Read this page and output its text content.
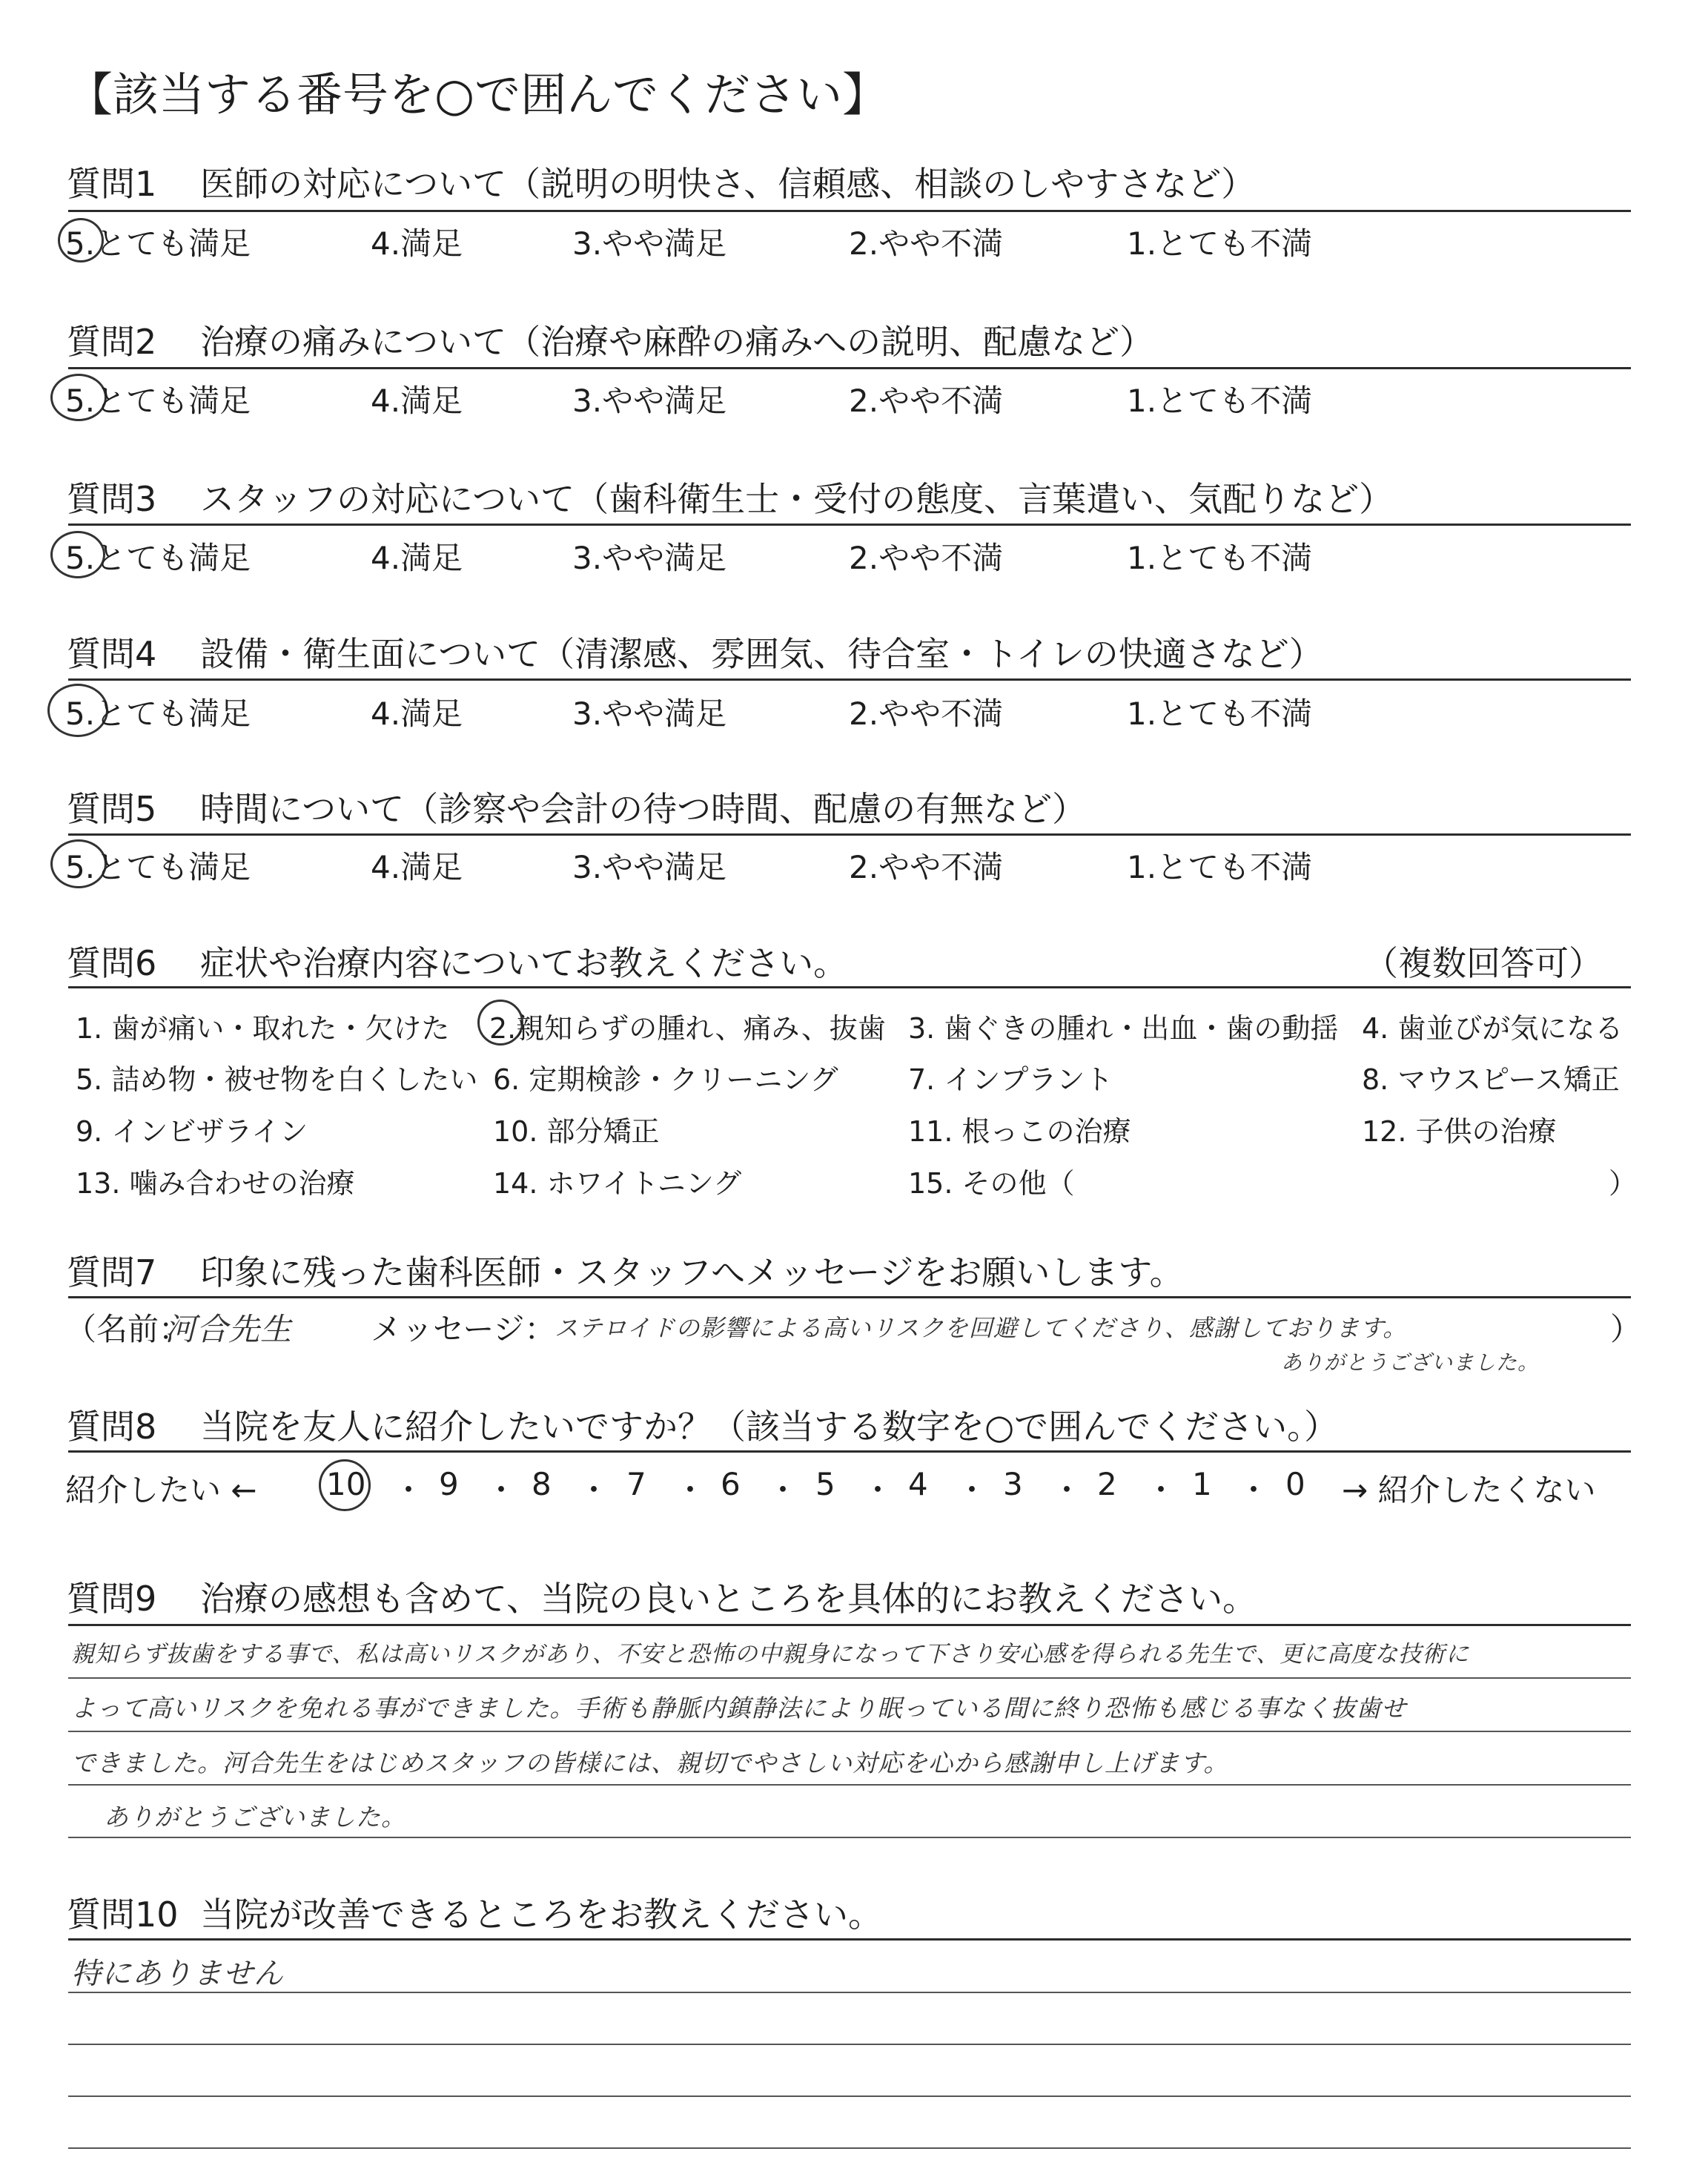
【該当する番号を○で囲んでください】
質問1 医師の対応について（説明の明快さ、信頼感、相談のしやすさなど）
5.とても満足	4.満足	3.やや満足	2.やや不満	1.とても不満
質問2 治療の痛みについて（治療や麻酔の痛みへの説明、配慮など）
5.とても満足	4.満足	3.やや満足	2.やや不満	1.とても不満
質問3 スタッフの対応について（歯科衛生士・受付の態度、言葉遣い、気配りなど）
5.とても満足	4.満足	3.やや満足	2.やや不満	1.とても不満
質問4 設備・衛生面について（清潔感、雰囲気、待合室・トイレの快適さなど）
5.とても満足	4.満足	3.やや満足	2.やや不満	1.とても不満
質問5 時間について（診察や会計の待つ時間、配慮の有無など）
5.とても満足	4.満足	3.やや満足	2.やや不満	1.とても不満
質問6 症状や治療内容についてお教えください。	（複数回答可）
1. 歯が痛い・取れた・欠けた 2.親知らずの腫れ、痛み、抜歯 3. 歯ぐきの腫れ・出血・歯の動揺 4. 歯並びが気になる
5. 詰め物・被せ物を白くしたい 6. 定期検診・クリーニング 7. インプラント	8. マウスピース矯正
9. インビザライン	10. 部分矯正	11. 根っこの治療	12. 子供の治療
13. 噛み合わせの治療	14. ホワイトニング	15. その他（	）
質問7 印象に残った歯科医師・スタッフへメッセージをお願いします。
（名前：
河合先生	メッセージ：
ステロイドの影響による高いリスクを回避してくださり、感謝しております。
ありがとうございました。
）
質問8 当院を友人に紹介したいですか？（該当する数字を○で囲んでください。）
紹介したい ← 10 ・ 9 ・ 8 ・ 7 ・ 6 ・ 5 ・ 4 ・ 3 ・ 2 ・ 1 ・ 0 → 紹介したくない
質問9 治療の感想も含めて、当院の良いところを具体的にお教えください。
親知らず抜歯をする事で、私は高いリスクがあり、不安と恐怖の中親身になって下さり安心感を得られる先生で、更に高度な技術に
よって高いリスクを免れる事ができました。手術も静脈内鎮静法により眠っている間に終り恐怖も感じる事なく抜歯せ
できました。河合先生をはじめスタッフの皆様には、親切でやさしい対応を心から感謝申し上げます。
ありがとうございました。
質問10 当院が改善できるところをお教えください。
特にありません
